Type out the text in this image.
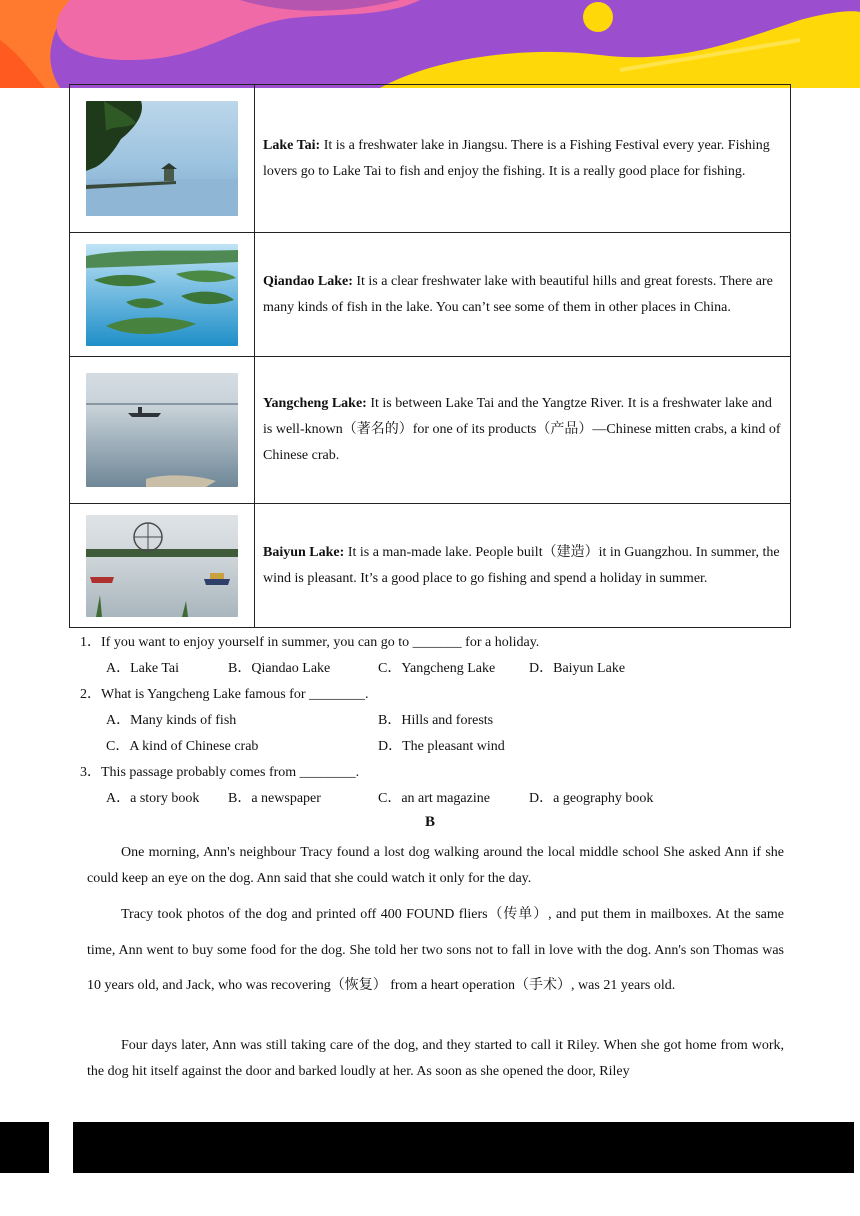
	Lake Tai: It is a freshwater lake in Jiangsu. There is a Fishing Festival every year. Fishing lovers go to Lake Tai to fish and enjoy the fishing. It is a really good place for fishing.

	Qiandao Lake: It is a clear freshwater lake with beautiful hills and great forests. There are many kinds of fish in the lake. You can’t see some of them in other places in China.

	Yangcheng Lake: It is between Lake Tai and the Yangtze River. It is a freshwater lake and is well-known（著名的）for one of its products（产品）—Chinese mitten crabs, a kind of Chinese crab.

	Baiyun Lake: It is a man-made lake. People built（建造）it in Guangzhou. In summer, the wind is pleasant. It’s a good place to go fishing and spend a holiday in summer.
1．If you want to enjoy yourself in summer, you can go to _______ for a holiday.
A．Lake Tai	B．Qiandao Lake	C．Yangcheng Lake D．Baiyun Lake
2．What is Yangcheng Lake famous for ________.
A．Many kinds of fish	B．Hills and forests
C．A kind of Chinese crab	D．The pleasant wind
3．This passage probably comes from ________.
A．a story book B．a newspaper	C．an art magazine	D．a geography book
B

One morning, Ann's neighbour Tracy found a lost dog walking around the local middle school She asked Ann if she could keep an eye on the dog. Ann said that she could watch it only for the day.

Tracy took photos of the dog and printed off 400 FOUND fliers（传单）, and put them in mailboxes. At the same time, Ann went to buy some food for the dog. She told her two sons not to fall in love with the dog. Ann's son Thomas was 10 years old, and Jack, who was recovering（恢复） from a heart operation（手术）, was 21 years old.

Four days later, Ann was still taking care of the dog, and they started to call it Riley. When she got home from work, the dog hit itself against the door and barked loudly at her. As soon as she opened the door, Riley
